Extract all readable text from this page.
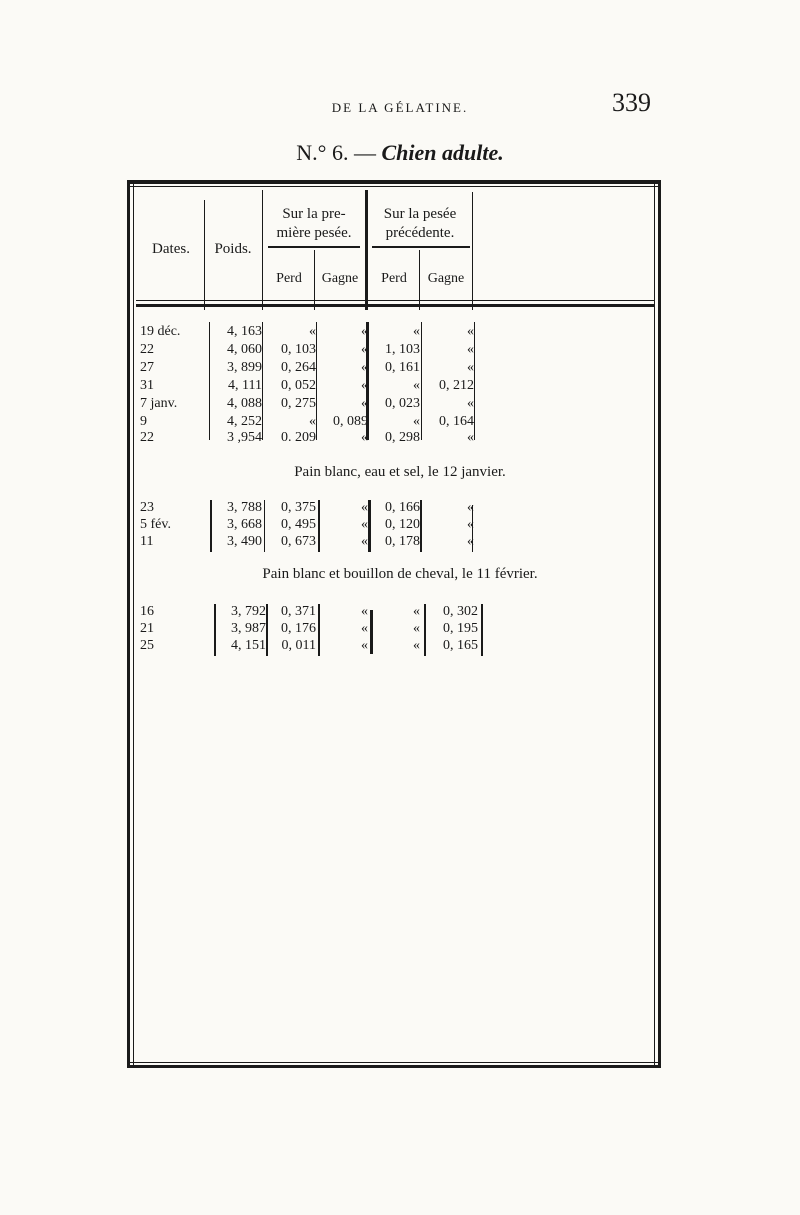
DE LA GÉLATINE.	339
N.° 6. — Chien adulte.
Dates.	Poids.
Sur la pre-
mière pesée.
Sur la pesée
précédente.
Perd	Gagne	Perd	Gagne
19 déc.	4, 163	«	«	«	«
22	4, 060	0, 103	«	1, 103	«
27	3, 899	0, 264	«	0, 161	«
31	4, 111	0, 052	«	«	0, 212
7 janv.	4, 088	0, 275	«	0, 023	«
9	4, 252	«	0, 089	«	0, 164
22	3 ,954	0. 209	«	0, 298	«
Pain blanc, eau et sel, le 12 janvier.
23	3, 788	0, 375	«	0, 166	«
5 fév.	3, 668	0, 495	«	0, 120	«
11	3, 490	0, 673	«	0, 178	«
Pain blanc et bouillon de cheval, le 11 février.
16	3, 792	0, 371	«	«	0, 302
21	3, 987	0, 176	«	«	0, 195
25	4, 151	0, 011	«	«	0, 165
